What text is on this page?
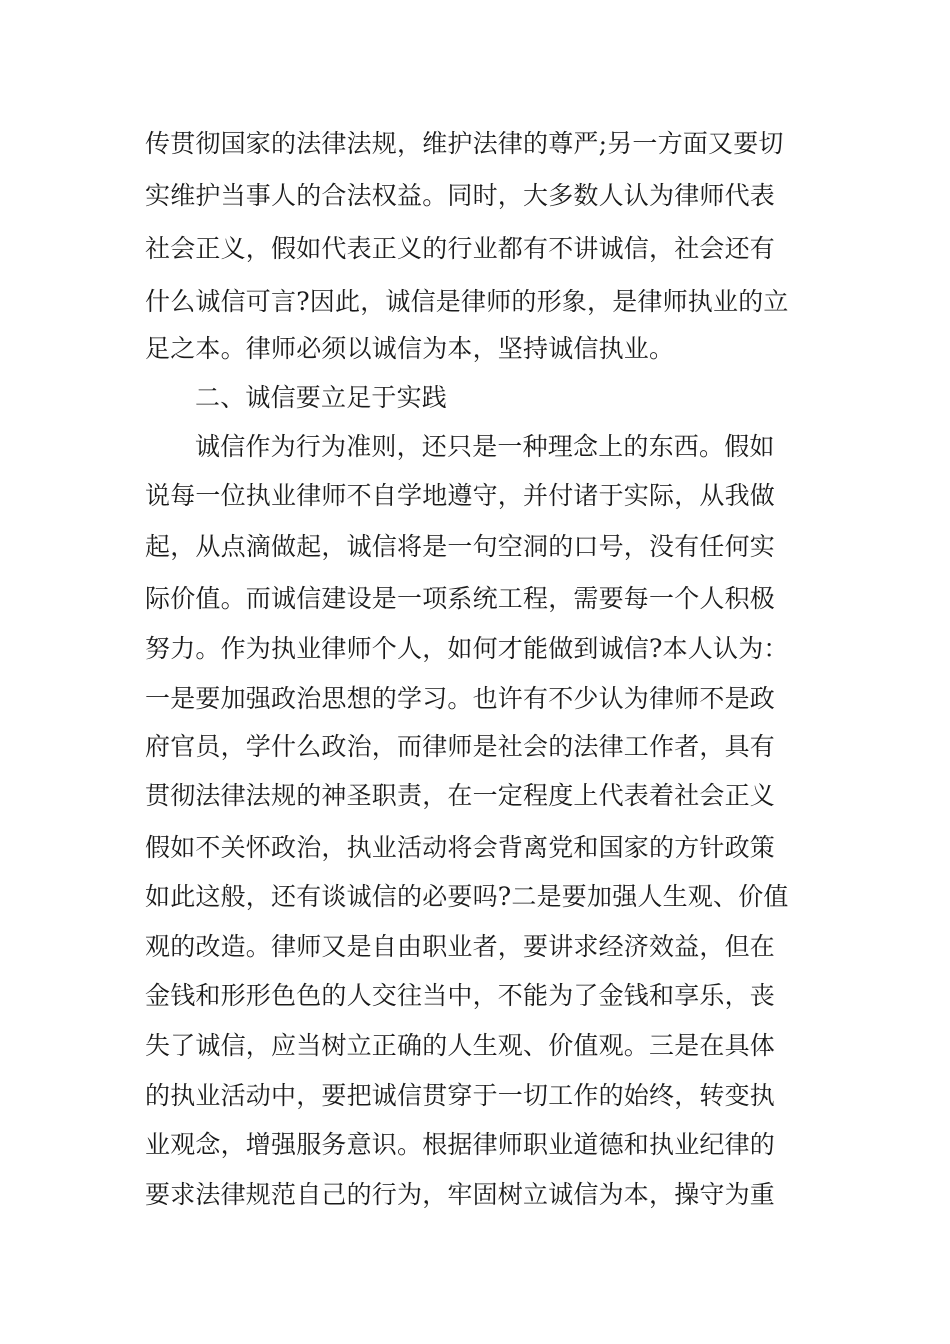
传贯彻国家的法律法规，维护法律的尊严;另一方面又要切
实维护当事人的合法权益。同时，大多数人认为律师代表
社会正义，假如代表正义的行业都有不讲诚信，社会还有
什么诚信可言?因此，诚信是律师的形象，是律师执业的立
足之本。律师必须以诚信为本，坚持诚信执业。
二、诚信要立足于实践
诚信作为行为准则，还只是一种理念上的东西。假如
说每一位执业律师不自学地遵守，并付诸于实际，从我做
起，从点滴做起，诚信将是一句空洞的口号，没有任何实
际价值。而诚信建设是一项系统工程，需要每一个人积极
努力。作为执业律师个人，如何才能做到诚信?本人认为：
一是要加强政治思想的学习。也许有不少认为律师不是政
府官员，学什么政治，而律师是社会的法律工作者，具有
贯彻法律法规的神圣职责，在一定程度上代表着社会正义
假如不关怀政治，执业活动将会背离党和国家的方针政策
如此这般，还有谈诚信的必要吗?二是要加强人生观、价值
观的改造。律师又是自由职业者，要讲求经济效益，但在
金钱和形形色色的人交往当中，不能为了金钱和享乐，丧
失了诚信，应当树立正确的人生观、价值观。三是在具体
的执业活动中，要把诚信贯穿于一切工作的始终，转变执
业观念，增强服务意识。根据律师职业道德和执业纪律的
要求法律规范自己的行为，牢固树立诚信为本，操守为重
